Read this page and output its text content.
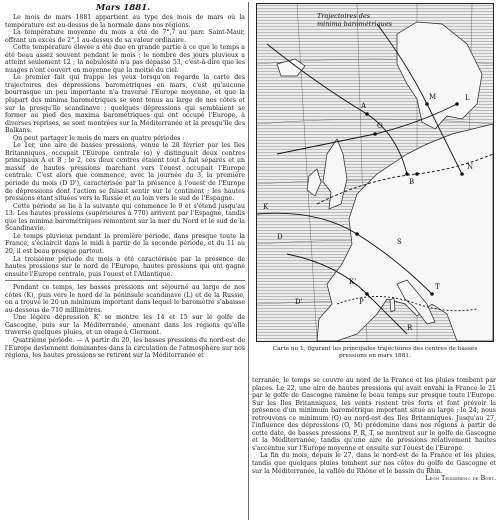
Mars 1881.

Le mois de mars 1881 appartient au type des mois de mars où la température est au-dessus de la normale dans nos régions.

La température moyenne du mois a été de 7°,7 au parc Saint-Maur, offrant un excès de 2°,1 au-dessus de sa valeur ordinaire.

Cette température élevée a été due en grande partie à ce que le temps a été beau assez souvent pendant le mois ; le nombre des jours pluvieux a atteint seulement 12 ; la nébulosité n'a pas dépassé 53, c'est-à-dire que les nuages n'ont couvert en moyenne que la moitié du ciel.

Le premier fait qui frappe les yeux lorsqu'on regarde la carte des trajectoires des dépressions barométriques en mars, c'est qu'aucune bourrasque un peu importante n'a traversé l'Europe moyenne, et que la plupart des minima barométriques se sont tenus au large de nos côtes et sur la presqu'île scandinave ; quelques dépressions qui semblaient se former au pied des maxima barométriques qui ont occupé l'Europe, à diverses reprises, se sont montrées sur la Méditerranée et la presqu'île des Balkans.

On peut partager le mois de mars en quatre périodes :

Le 1er, une aire de basses pressions, venue le 28 février par les Iles Britanniques, occupait l'Europe centrale (o) y distinguait deux centres principaux A et B ; le 2, ces deux centres étaient tout à fait séparés et un massif de hautes pressions marchant vers l'ouest occupait l'Europe centrale. C'est alors que commence, avec la journée du 3, la première période du mois (D D'), caractérisée par la présence à l'ouest de l'Europe de dépressions dont l'action se faisait sentir sur le continent ; les hautes pressions étant situées vers la Russie et au loin vers le sud de l'Espagne.

Cette période se lie à la suivante qui commence le 9 et s'étend jusqu'au 13. Les hautes pressions (supérieures à 770) arrivent par l'Espagne, tandis que les minima barométriques remontent sur la mer du Nord et le sud de la Scandinavie.

Le temps pluvieux pendant la première période, dans presque toute la France, s'éclaircit dans le midi à partir de la seconde période, et du 11 au 20, il est beau presque partout.

La troisième période du mois a été caractérisée par la présence de hautes pressions sur le nord de l'Europe, hautes pressions qui ont gagné ensuite l'Europe centrale, puis l'ouest et l'Atlantique.

Pendant ce temps, les basses pressions ont séjourné au large de nos côtes (K), puis vers le nord de la péninsule scandinave (L) et de la Russie, on a trouvé le 20 un minimum important dans lequel le baromètre s'abaisse au-dessous de 710 millimètres.

Une légère dépression K' se montre les 14 et 15 sur le golfe de Gascogne, puis sur la Méditerranée, amenant dans les régions qu'elle traverse quelques pluies, et un orage à Clermont.

Quatrième période. — A partir du 20, les basses pressions du nord-est de l'Europe deviennent dominantes dans la circulation de l'atmosphère sur nos régions, les hautes pressions se retirent sur la Méditerranée et

Trajectoires des
minima barométriques
D
D'
A
B
K
K'
L
O
M
N
P
T
S
R
Carte no 1, figurant les principales trajectoires des centres de basses pressions en mars 1881.

terranée, le temps se couvre au nord de la France et les pluies tombent par places. Le 22, une aire de hautes pressions qui avait envahi la France le 21 par le golfe de Gascogne ramène le beau temps sur presque toute l'Europe. Sur les Iles Britanniques, les vents restent très forts et font prévoir la présence d'un minimum barométrique important situé au large ; le 24, nous retrouvons ce minimum (O) au nord-est des Iles Britanniques. Jusqu'au 27, l'influence des dépressions (O, M) prédomine dans nos régions à partir de cette date, de basses pressions P, R, T, se montrent sur le golfe de Gascogne et la Méditerranée, tandis qu'une aire de pressions relativement hautes s'accentue sur l'Europe moyenne et ensuite sur l'ouest de l'Europe.

La fin du mois, depuis le 27, dans le nord-est de la France et les pluies, tandis que quelques pluies tombent sur nos côtes du golfe de Gascogne et sur la Méditerranée, la vallée du Rhône et le bassin du Rhin.

Léon Teisserenc de Bort.
